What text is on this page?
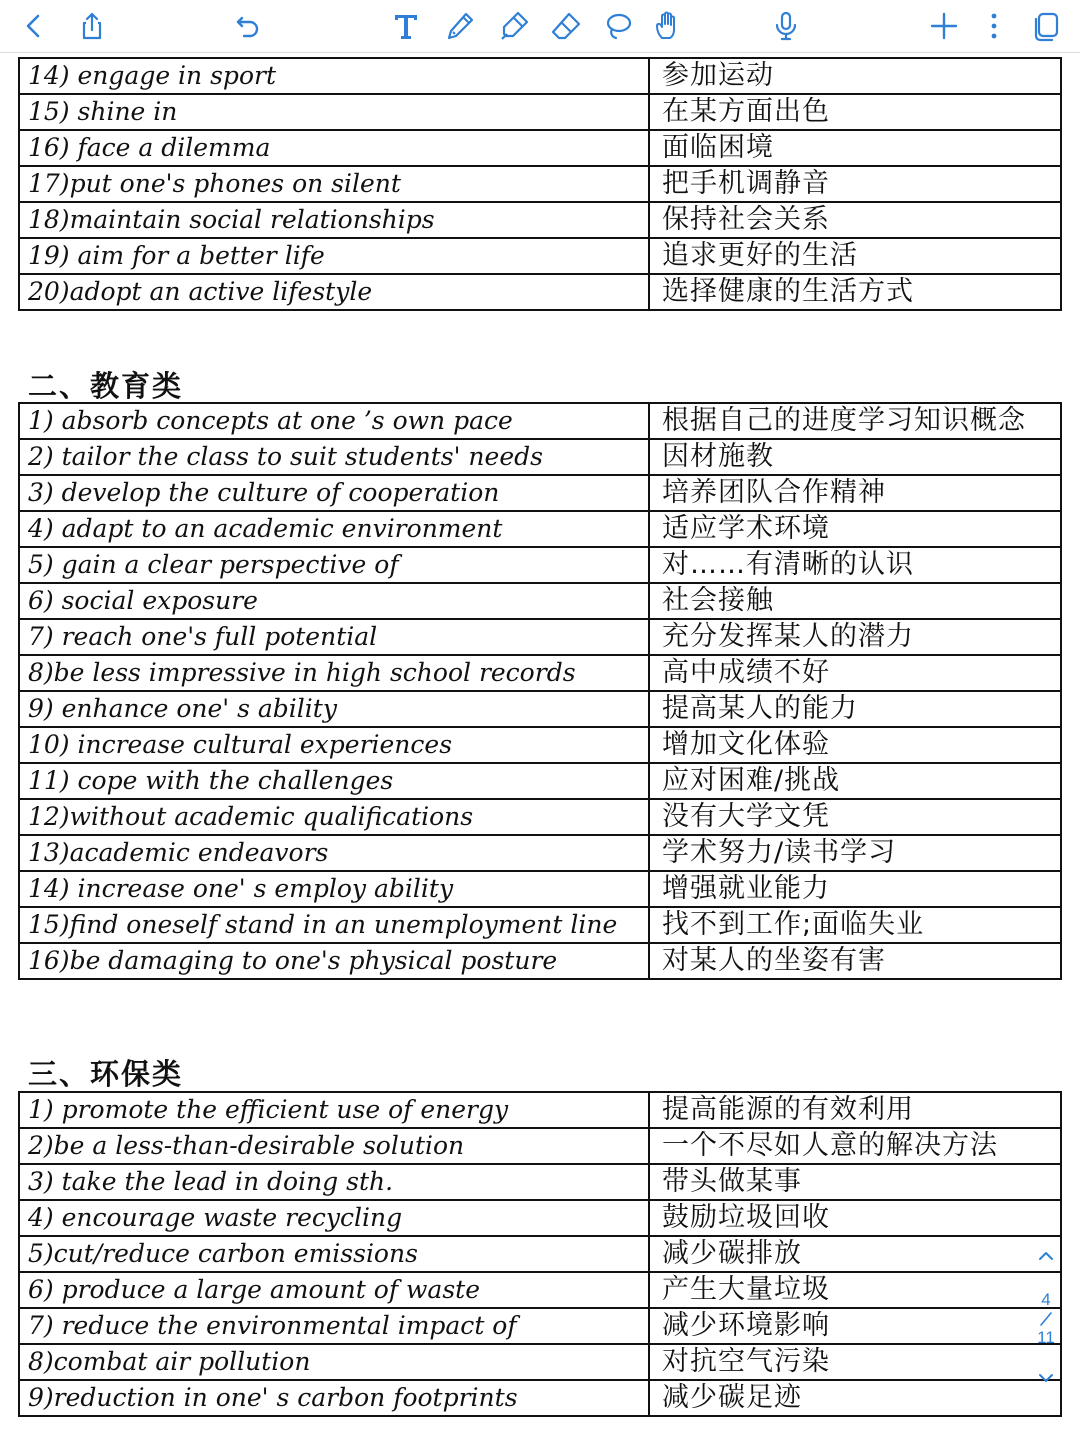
14) engage in sport	参加运动
15) shine in	在某方面出色
16) face a dilemma	面临困境
17)put one's phones on silent	把手机调静音
18)maintain social relationships	保持社会关系
19) aim for a better life	追求更好的生活
20)adopt an active lifestyle	选择健康的生活方式
二、教育类
1) absorb concepts at one ’s own pace	根据自己的进度学习知识概念
2) tailor the class to suit students' needs	因材施教
3) develop the culture of cooperation	培养团队合作精神
4) adapt to an academic environment	适应学术环境
5) gain a clear perspective of	对……有清晰的认识
6) social exposure	社会接触
7) reach one's full potential	充分发挥某人的潜力
8)be less impressive in high school records	高中成绩不好
9) enhance one' s ability	提高某人的能力
10) increase cultural experiences	增加文化体验
11) cope with the challenges	应对困难/挑战
12)without academic qualifications	没有大学文凭
13)academic endeavors	学术努力/读书学习
14) increase one' s employ ability	增强就业能力
15)find oneself stand in an unemployment line	找不到工作;面临失业
16)be damaging to one's physical posture	对某人的坐姿有害
三、环保类
1) promote the efficient use of energy	提高能源的有效利用
2)be a less-than-desirable solution	一个不尽如人意的解决方法
3) take the lead in doing sth.	带头做某事
4) encourage waste recycling	鼓励垃圾回收
5)cut/reduce carbon emissions	减少碳排放
6) produce a large amount of waste	产生大量垃圾
7) reduce the environmental impact of	减少环境影响
8)combat air pollution	对抗空气污染
9)reduction in one' s carbon footprints	减少碳足迹
4
11
